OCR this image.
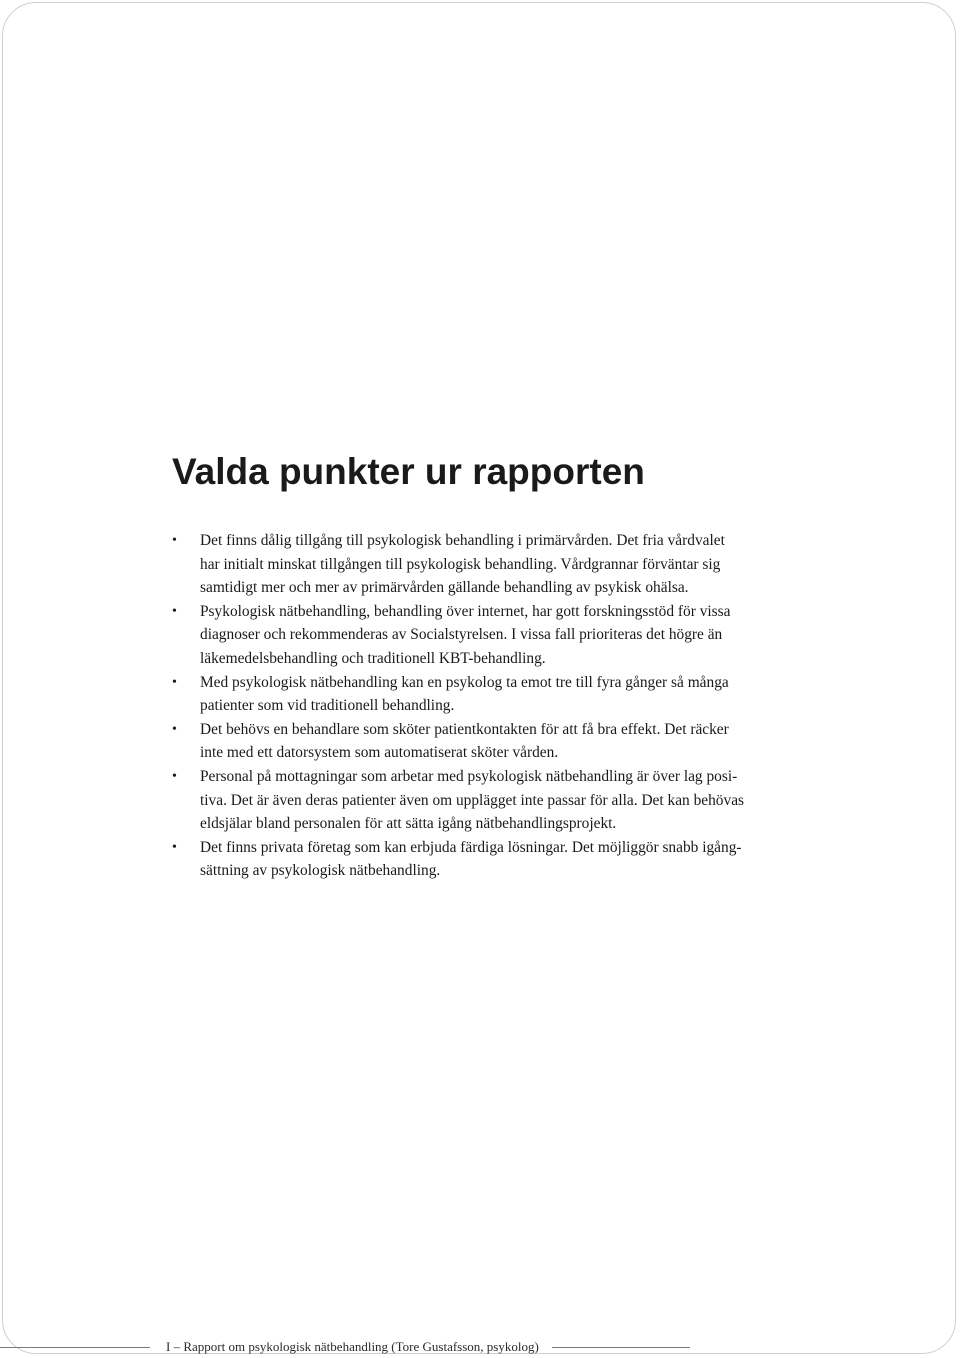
Valda punkter ur rapporten
•	Det finns dålig tillgång till psykologisk behandling i primärvården. Det fria vårdvalet
har initialt minskat tillgången till psykologisk behandling. Vårdgrannar förväntar sig
samtidigt mer och mer av primärvården gällande behandling av psykisk ohälsa.
•	Psykologisk nätbehandling, behandling över internet, har gott forskningsstöd för vissa
diagnoser och rekommenderas av Socialstyrelsen. I vissa fall prioriteras det högre än
läkemedelsbehandling och traditionell KBT-behandling.
•	Med psykologisk nätbehandling kan en psykolog ta emot tre till fyra gånger så många
patienter som vid traditionell behandling.
•	Det behövs en behandlare som sköter patientkontakten för att få bra effekt. Det räcker
inte med ett datorsystem som automatiserat sköter vården.
•	Personal på mottagningar som arbetar med psykologisk nätbehandling är över lag posi-
tiva. Det är även deras patienter även om upplägget inte passar för alla. Det kan behövas
eldsjälar bland personalen för att sätta igång nätbehandlingsprojekt.
•	Det finns privata företag som kan erbjuda färdiga lösningar. Det möjliggör snabb igång-
sättning av psykologisk nätbehandling.
I – Rapport om psykologisk nätbehandling (Tore Gustafsson, psykolog)
